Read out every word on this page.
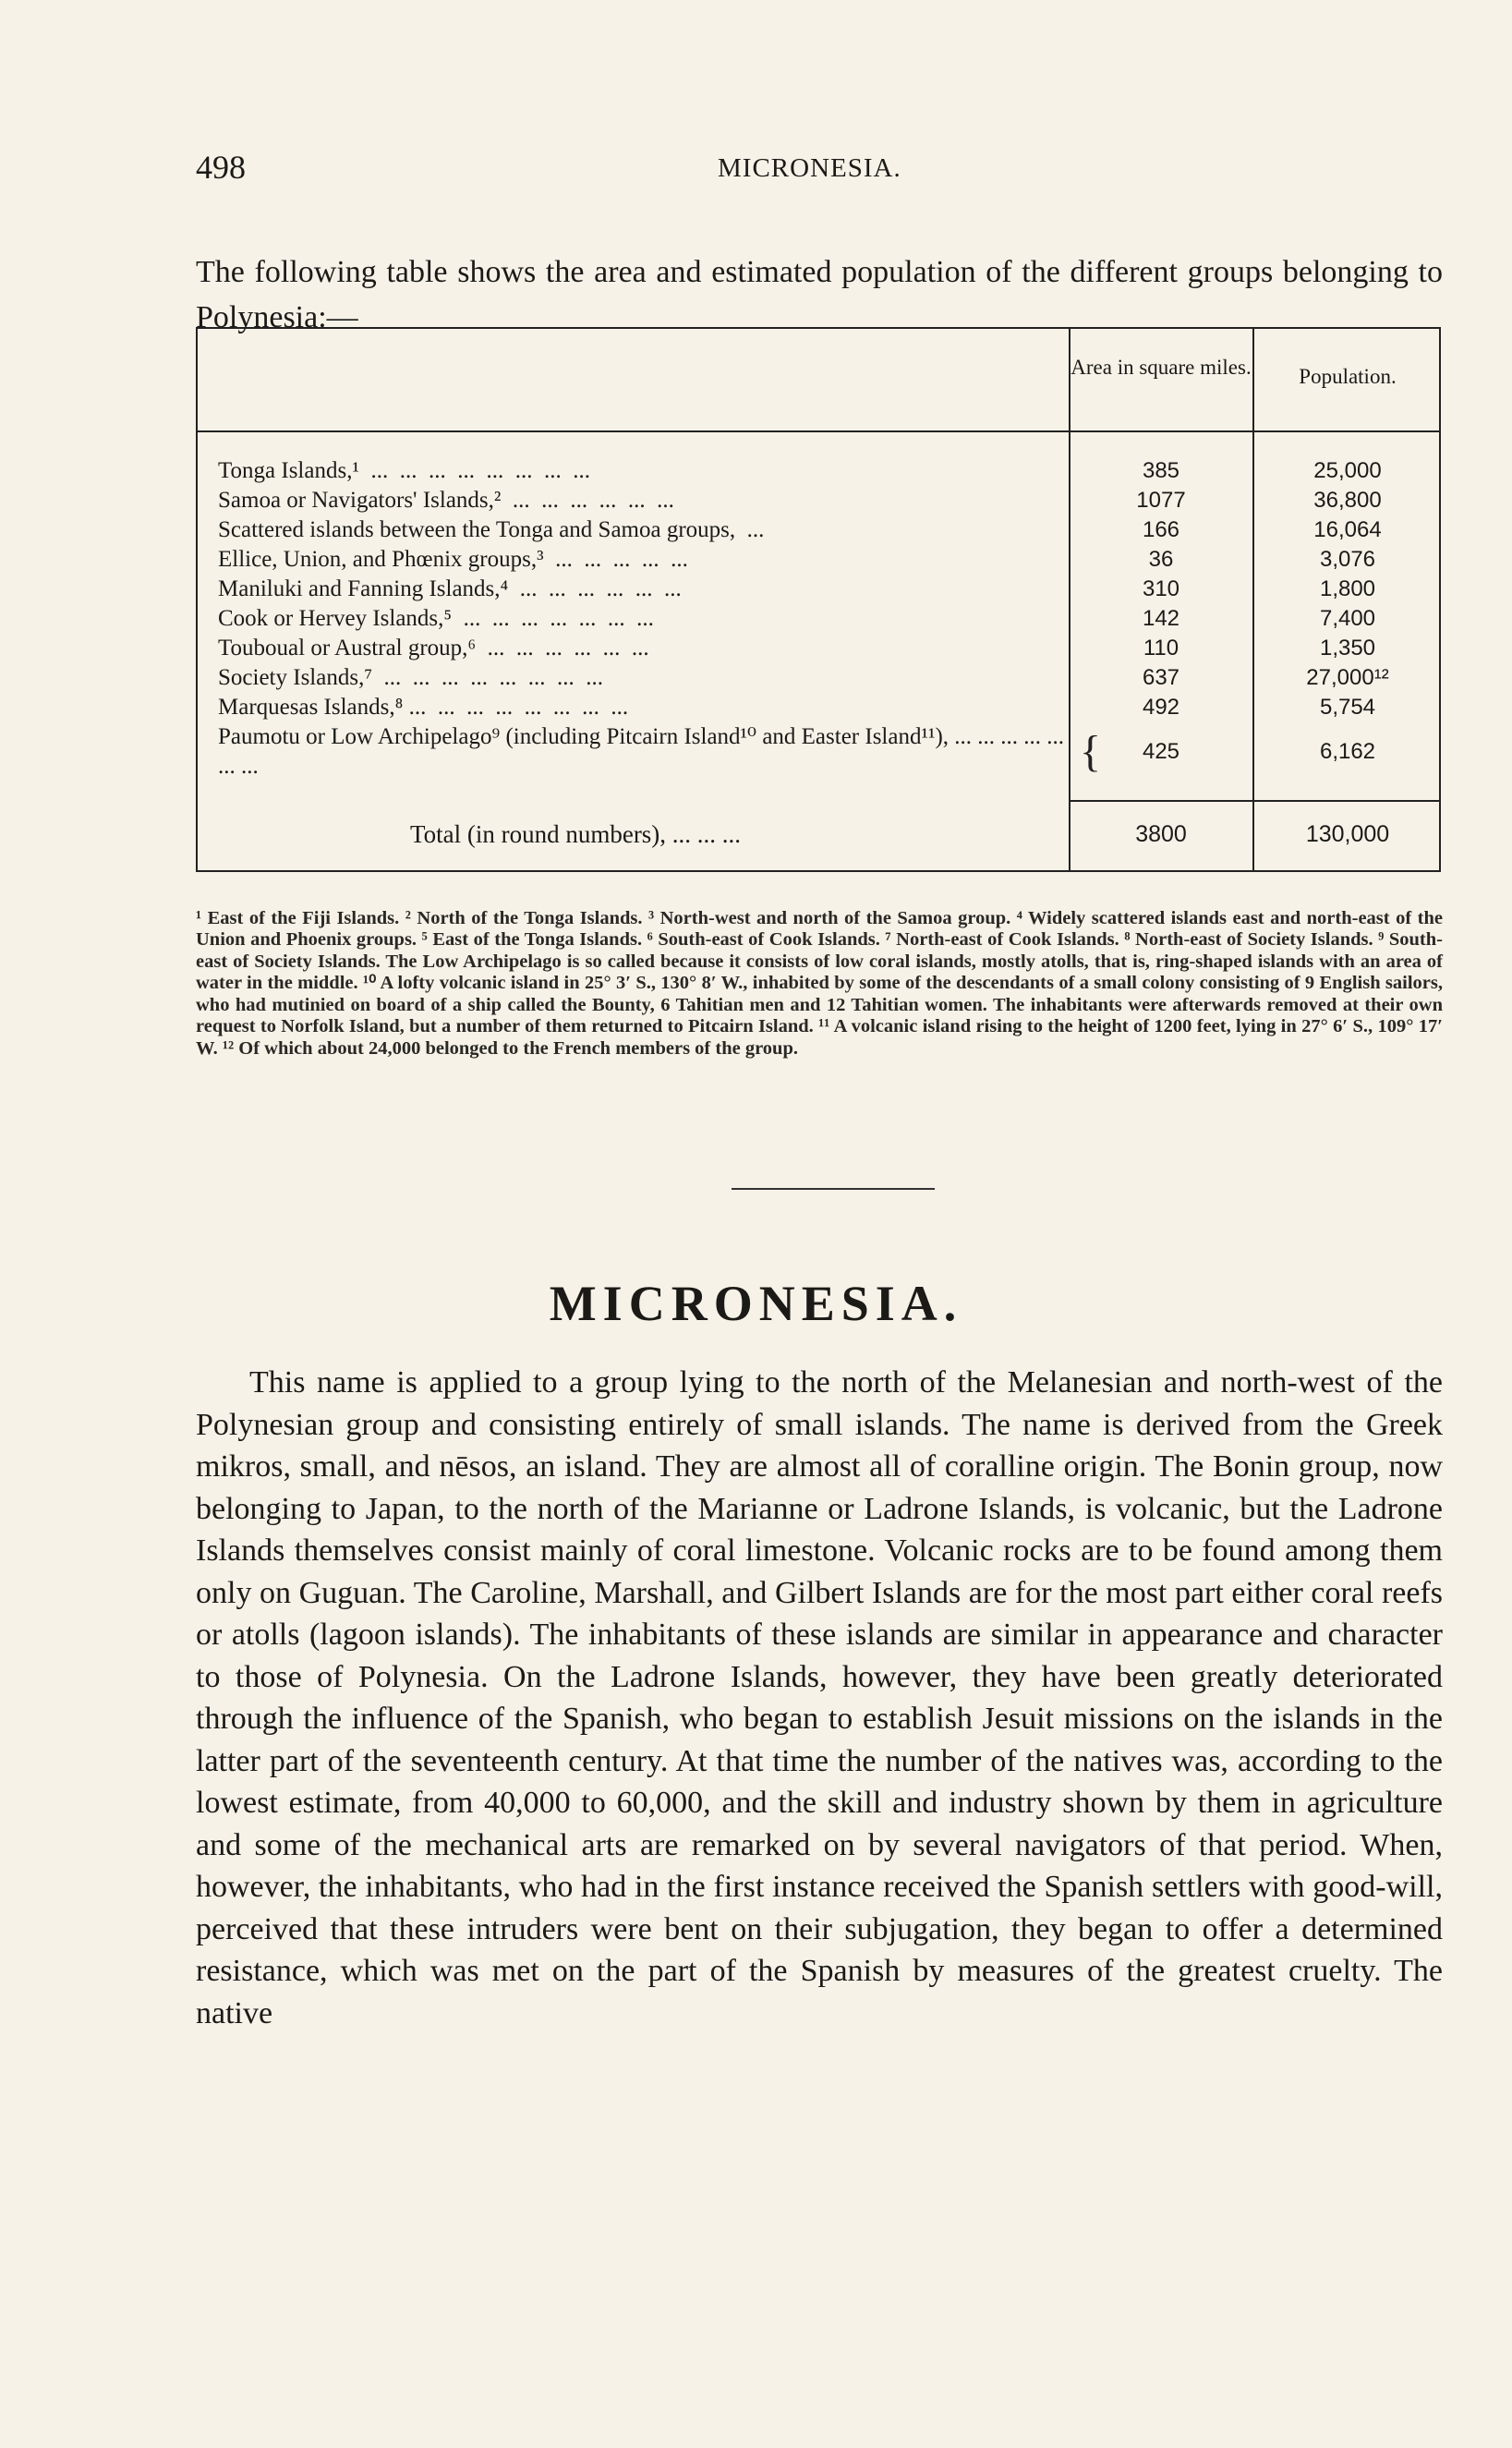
498	MICRONESIA.

The following table shows the area and estimated population of the different groups belonging to Polynesia:—

Area in square miles.	Population.
Tonga Islands,¹  ...  ...  ...  ...  ...  ...  ...  ...	385	25,000
Samoa or Navigators' Islands,²  ...  ...  ...  ...  ...  ...	1077	36,800
Scattered islands between the Tonga and Samoa groups,  ...	166	16,064
Ellice, Union, and Phœnix groups,³  ...  ...  ...  ...  ...	36	3,076
Maniluki and Fanning Islands,⁴  ...  ...  ...  ...  ...  ...	310	1,800
Cook or Hervey Islands,⁵  ...  ...  ...  ...  ...  ...  ...	142	7,400
Touboual or Austral group,⁶  ...  ...  ...  ...  ...  ...	110	1,350
Society Islands,⁷  ...  ...  ...  ...  ...  ...  ...  ...	637	27,000¹²
Marquesas Islands,⁸ ...  ...  ...  ...  ...  ...  ...  ...	492	5,754
Paumotu or Low Archipelago⁹ (including Pitcairn Island¹⁰ and Easter Island¹¹), ... ... ... ... ... ... ...	{	425	6,162
Total (in round numbers), ... ... ...	3800	130,000

¹ East of the Fiji Islands. ² North of the Tonga Islands. ³ North-west and north of the Samoa group. ⁴ Widely scattered islands east and north-east of the Union and Phoenix groups. ⁵ East of the Tonga Islands. ⁶ South-east of Cook Islands. ⁷ North-east of Cook Islands. ⁸ North-east of Society Islands. ⁹ South-east of Society Islands. The Low Archipelago is so called because it consists of low coral islands, mostly atolls, that is, ring-shaped islands with an area of water in the middle. ¹⁰ A lofty volcanic island in 25° 3′ S., 130° 8′ W., inhabited by some of the descendants of a small colony consisting of 9 English sailors, who had mutinied on board of a ship called the Bounty, 6 Tahitian men and 12 Tahitian women. The inhabitants were afterwards removed at their own request to Norfolk Island, but a number of them returned to Pitcairn Island. ¹¹ A volcanic island rising to the height of 1200 feet, lying in 27° 6′ S., 109° 17′ W. ¹² Of which about 24,000 belonged to the French members of the group.

MICRONESIA.

This name is applied to a group lying to the north of the Melanesian and north-west of the Polynesian group and consisting entirely of small islands. The name is derived from the Greek mikros, small, and nēsos, an island. They are almost all of coralline origin. The Bonin group, now belonging to Japan, to the north of the Marianne or Ladrone Islands, is volcanic, but the Ladrone Islands themselves consist mainly of coral limestone. Volcanic rocks are to be found among them only on Guguan. The Caroline, Marshall, and Gilbert Islands are for the most part either coral reefs or atolls (lagoon islands). The inhabitants of these islands are similar in appearance and character to those of Polynesia. On the Ladrone Islands, however, they have been greatly deteriorated through the influence of the Spanish, who began to establish Jesuit missions on the islands in the latter part of the seventeenth century. At that time the number of the natives was, according to the lowest estimate, from 40,000 to 60,000, and the skill and industry shown by them in agriculture and some of the mechanical arts are remarked on by several navigators of that period. When, however, the inhabitants, who had in the first instance received the Spanish settlers with good-will, perceived that these intruders were bent on their subjugation, they began to offer a determined resistance, which was met on the part of the Spanish by measures of the greatest cruelty. The native
